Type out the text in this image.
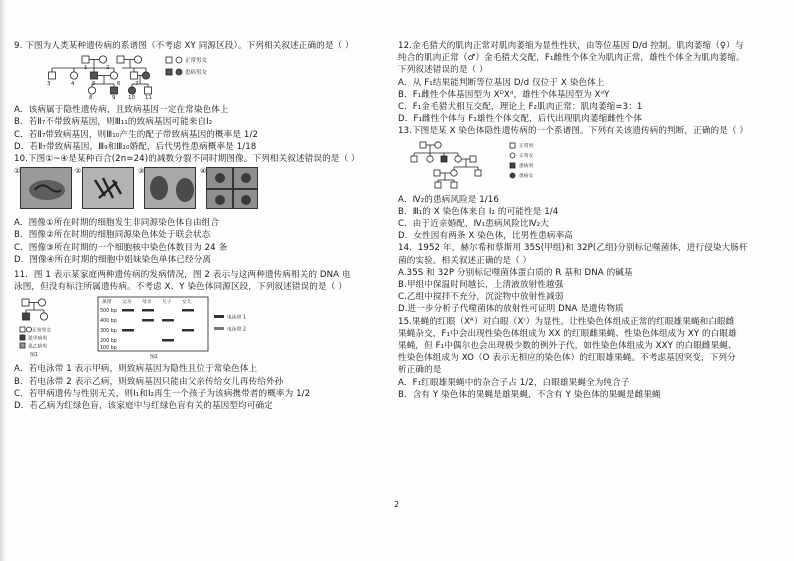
9. 下图为人类某种遗传病的系谱图（不考虑 XY 同源区段）。下列相关叙述正确的是（ ）
1	2
3	4	5	6	7
8	9 10 11
正常男女
患病男女
A．该病属于隐性遗传病，且致病基因一定在常染色体上
B．若Ⅱ₇不带致病基因，则Ⅲ₁₁的致病基因可能来自I₂
C．若Ⅱ₇带致病基因，则Ⅲ₁₀产生的配子带致病基因的概率是 1/2
D．若Ⅱ₇带致病基因，Ⅲ₉和Ⅲ₁₀婚配，后代男性患病概率是 1/18
10.下图①~④是某种百合(2n=24)的减数分裂不同时期图像。下列相关叙述错误的是（ ）
①	②	③	④
A．图像①所在时期的细胞发生非同源染色体自由组合
B．图像②所在时期的细胞同源染色体处于联会状态
C．图像③所在时期的一个细胞核中染色体数目为 24 条
D．图像④所在时期的细胞中姐妹染色单体已经分离
11．图 1 表示某家庭两种遗传病的发病情况，图 2 表示与这两种遗传病相关的 DNA 电
泳图，但没有标注所属遗传病。不考虑 X、Y 染色体同源区段，下列叙述错误的是（ ）
正常男女
患甲病男
患乙病男
图1
条带 父亲 母亲 儿子 女儿
500 bp
400 bp
300 bp
200 bp
100 bp
电泳带 1
电泳带 2
图2
A．若电泳带 1 表示甲病，则致病基因为隐性且位于常染色体上
B．若电泳带 2 表示乙病，则致病基因只能由父亲传给女儿再传给外孙
C．若甲病遗传与性别无关，则I₁和I₂再生一个孩子为该病携带者的概率为 1/2
D．若乙病为红绿色盲，该家庭中与红绿色盲有关的基因型均可确定
12.金毛猎犬的肌肉正常对肌肉萎缩为显性性状，由等位基因 D/d 控制。肌肉萎缩（♀）与
纯合的肌肉正常（♂）金毛猎犬交配，F₁雌性个体全为肌肉正常，雄性个体全为肌肉萎缩。
下列叙述错误的是（ ）
A．从 F₁结果能判断等位基因 D/d 仅位于 X 染色体上
B．F₁雌性个体基因型为 XᴰXᵈ，雄性个体基因型为 XᵈY
C．F₁金毛猎犬相互交配，理论上 F₂肌肉正常：肌肉萎缩=3：1
D．F₁雌性个体与 F₁雄性个体交配，后代出现肌肉萎缩雌性个体
13.下图是某 X 染色体隐性遗传病的一个系谱图。下列有关该遗传病的判断，正确的是（ ）
正常男
正常女
患病男
患病女
A．Ⅳ₂的患病风险是 1/16
B．Ⅲ₁的 X 染色体来自 I₂ 的可能性是 1/4
C．由于近亲婚配，Ⅳ₁患病风险比Ⅳ₂大
D．女性因有两条 X 染色体，比男性患病率高
14．1952 年，赫尔希和蔡斯用 35S(甲组)和 32P(乙组)分别标记噬菌体，进行侵染大肠杆
菌的实验。相关叙述正确的是（ ）
A.35S 和 32P 分别标记噬菌体蛋白质的 R 基和 DNA 的碱基
B.甲组中保温时间越长，上清液放射性越强
C.乙组中搅拌不充分，沉淀物中放射性减弱
D.进一步分析子代噬菌体的放射性可证明 DNA 是遗传物质
15.果蝇的红眼（Xᴿ）对白眼（Xʳ）为显性。让性染色体组成正常的红眼雄果蝇和白眼雌
果蝇杂交，F₁中会出现性染色体组成为 XX 的红眼雌果蝇、性染色体组成为 XY 的白眼雄
果蝇，但 F₁中偶尔也会出现极少数的例外子代，如性染色体组成为 XXY 的白眼雌果蝇、
性染色体组成为 XO（O 表示无相应的染色体）的红眼雄果蝇。不考虑基因突变，下列分
析正确的是
A．F₁红眼雄果蝇中的杂合子占 1/2，白眼雄果蝇全为纯合子
B．含有 Y 染色体的果蝇是雄果蝇，不含有 Y 染色体的果蝇是雌果蝇
2
